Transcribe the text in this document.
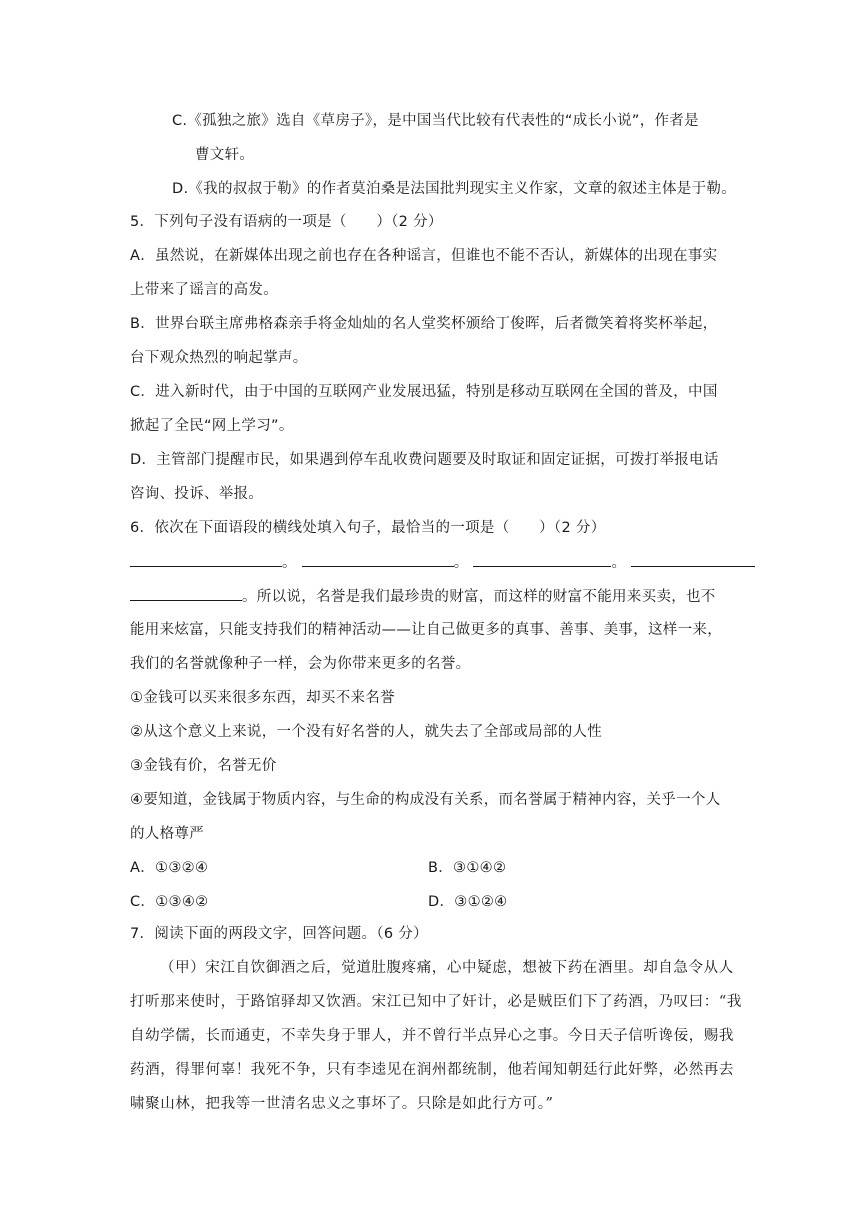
C.《孤独之旅》选自《草房子》，是中国当代比较有代表性的“成长小说”，作者是
曹文轩。
D.《我的叔叔于勒》的作者莫泊桑是法国批判现实主义作家，文章的叙述主体是于勒。
5．下列句子没有语病的一项是（　　）（2 分）
A．虽然说，在新媒体出现之前也存在各种谣言，但谁也不能不否认，新媒体的出现在事实
上带来了谣言的高发。
B．世界台联主席弗格森亲手将金灿灿的名人堂奖杯颁给丁俊晖，后者微笑着将奖杯举起，
台下观众热烈的响起掌声。
C．进入新时代，由于中国的互联网产业发展迅猛，特别是移动互联网在全国的普及，中国
掀起了全民“网上学习”。
D．主管部门提醒市民，如果遇到停车乱收费问题要及时取证和固定证据，可拨打举报电话
咨询、投诉、举报。
6．依次在下面语段的横线处填入句子，最恰当的一项是（　　）（2 分）
。	。	。
。所以说，名誉是我们最珍贵的财富，而这样的财富不能用来买卖，也不
能用来炫富，只能支持我们的精神活动——让自己做更多的真事、善事、美事，这样一来，
我们的名誉就像种子一样，会为你带来更多的名誉。
①金钱可以买来很多东西，却买不来名誉
②从这个意义上来说，一个没有好名誉的人，就失去了全部或局部的人性
③金钱有价，名誉无价
④要知道，金钱属于物质内容，与生命的构成没有关系，而名誉属于精神内容，关乎一个人
的人格尊严
A．①③②④	B．③①④②
C．①③④②	D．③①②④
7．阅读下面的两段文字，回答问题。（6 分）
（甲）宋江自饮御酒之后，觉道肚腹疼痛，心中疑虑，想被下药在酒里。却自急令从人
打听那来使时，于路馆驿却又饮酒。宋江已知中了奸计，必是贼臣们下了药酒，乃叹曰：“我
自幼学儒，长而通吏，不幸失身于罪人，并不曾行半点异心之事。今日天子信听谗佞，赐我
药酒，得罪何辜！我死不争，只有李逵见在润州都统制，他若闻知朝廷行此奸弊，必然再去
啸聚山林，把我等一世清名忠义之事坏了。只除是如此行方可。”
